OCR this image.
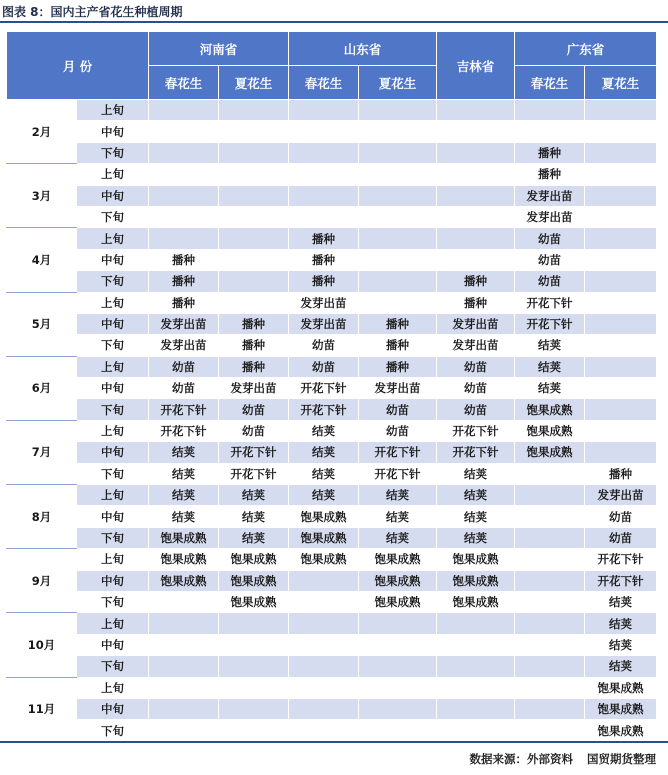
图表 8：国内主产省花生种植周期
月 份		河南省		山东省		吉林省	广东省	
		春花生	夏花生	春花生	夏花生		春花生	夏花生
2月	上旬							
	中旬							
	下旬						播种	
3月	上旬						播种	
	中旬						发芽出苗	
	下旬						发芽出苗	
4月	上旬			播种			幼苗	
	中旬	播种		播种			幼苗	
	下旬	播种		播种		播种	幼苗	
5月	上旬	播种		发芽出苗		播种	开花下针	
	中旬	发芽出苗	播种	发芽出苗	播种	发芽出苗	开花下针	
	下旬	发芽出苗	播种	幼苗	播种	发芽出苗	结荚	
6月	上旬	幼苗	播种	幼苗	播种	幼苗	结荚	
	中旬	幼苗	发芽出苗	开花下针	发芽出苗	幼苗	结荚	
	下旬	开花下针	幼苗	开花下针	幼苗	幼苗	饱果成熟	
7月	上旬	开花下针	幼苗	结荚	幼苗	开花下针	饱果成熟	
	中旬	结荚	开花下针	结荚	开花下针	开花下针	饱果成熟	
	下旬	结荚	开花下针	结荚	开花下针	结荚		播种
8月	上旬	结荚	结荚	结荚	结荚	结荚		发芽出苗
	中旬	结荚	结荚	饱果成熟	结荚	结荚		幼苗
	下旬	饱果成熟	结荚	饱果成熟	结荚	结荚		幼苗
9月	上旬	饱果成熟	饱果成熟	饱果成熟	饱果成熟	饱果成熟		开花下针
	中旬	饱果成熟	饱果成熟		饱果成熟	饱果成熟		开花下针
	下旬		饱果成熟		饱果成熟	饱果成熟		结荚
10月	上旬							结荚
	中旬							结荚
	下旬							结荚
11月	上旬							饱果成熟
	中旬							饱果成熟
	下旬							饱果成熟
数据来源：外部资料 国贸期货整理
